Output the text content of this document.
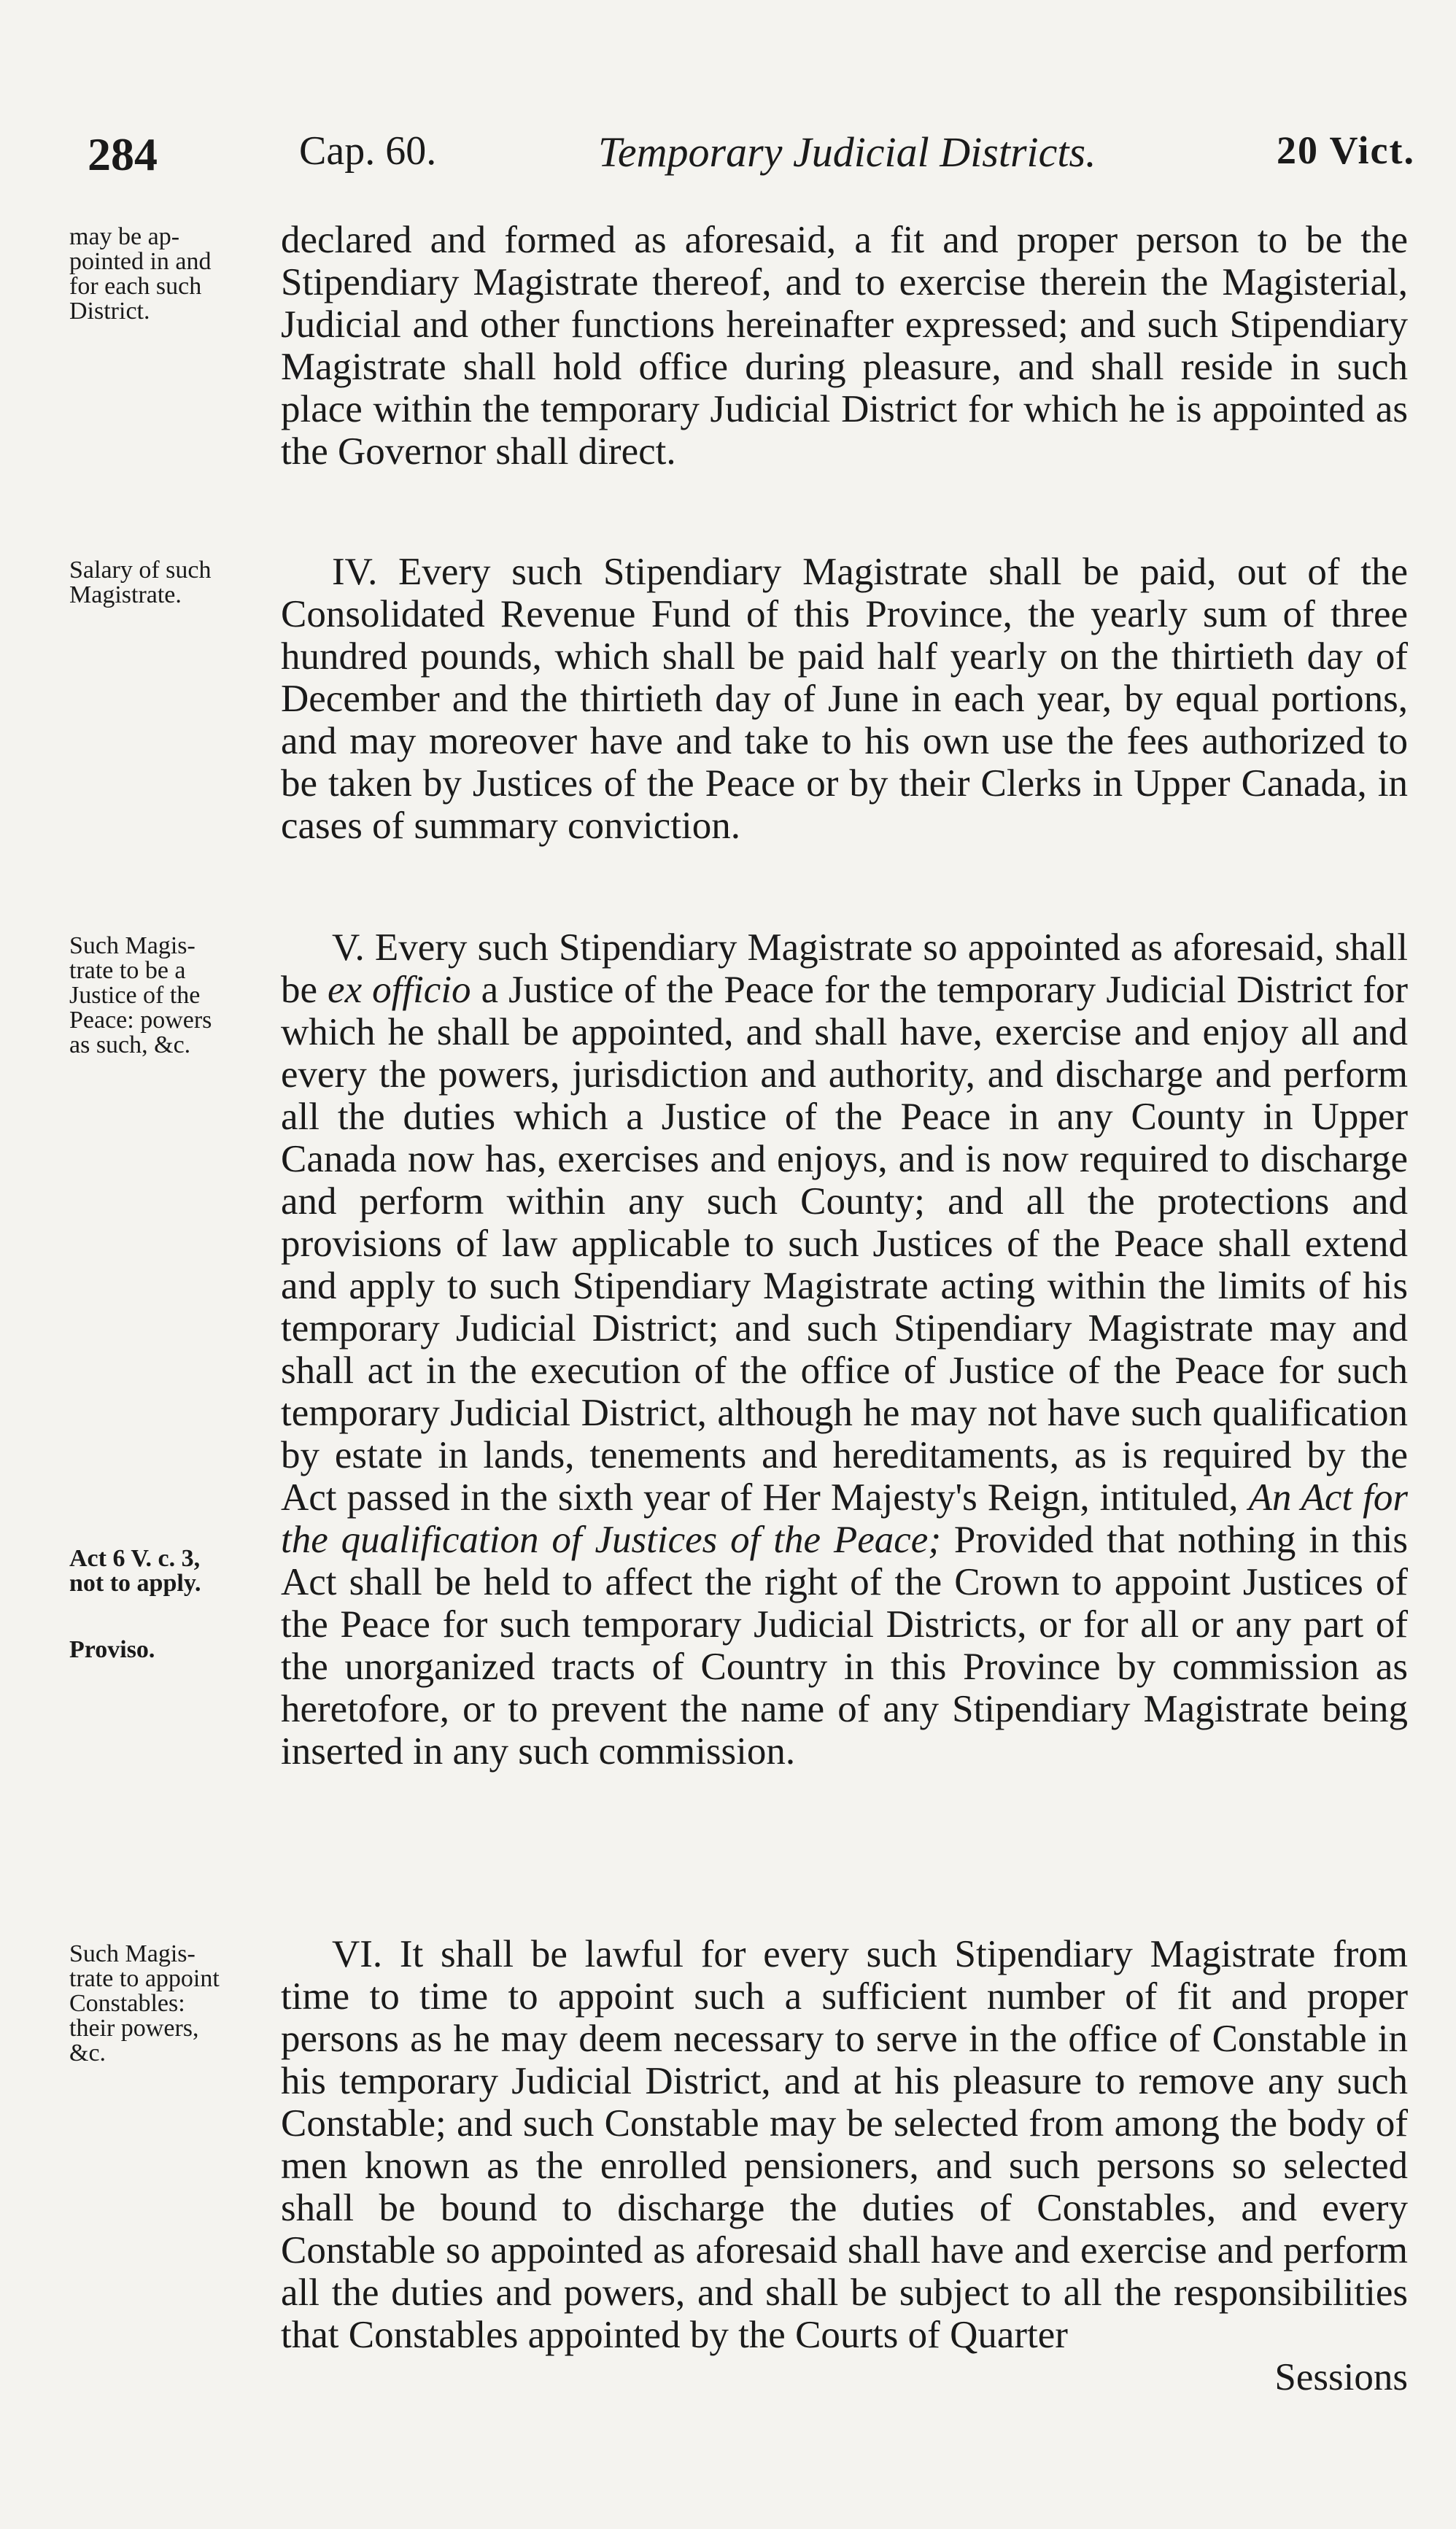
284	Cap. 60.	Temporary Judicial Districts.	20 Vict.
may be ap-
pointed in and
for each such
District.
declared and formed as aforesaid, a fit and proper person to be the Stipendiary Magistrate thereof, and to exercise therein the Magisterial, Judicial and other functions hereinafter expressed; and such Stipendiary Magistrate shall hold office during pleasure, and shall reside in such place within the temporary Judicial District for which he is appointed as the Governor shall direct.
Salary of such
Magistrate.
IV. Every such Stipendiary Magistrate shall be paid, out of the Consolidated Revenue Fund of this Province, the yearly sum of three hundred pounds, which shall be paid half yearly on the thirtieth day of December and the thirtieth day of June in each year, by equal portions, and may moreover have and take to his own use the fees authorized to be taken by Justices of the Peace or by their Clerks in Upper Canada, in cases of summary conviction.
Such Magis-
trate to be a
Justice of the
Peace: powers
as such, &c.
Act 6 V. c. 3,
not to apply.
Proviso.
V. Every such Stipendiary Magistrate so appointed as aforesaid, shall be ex officio a Justice of the Peace for the temporary Judicial District for which he shall be appointed, and shall have, exercise and enjoy all and every the powers, jurisdiction and authority, and discharge and perform all the duties which a Justice of the Peace in any County in Upper Canada now has, exercises and enjoys, and is now required to discharge and perform within any such County; and all the protections and provisions of law applicable to such Justices of the Peace shall extend and apply to such Stipendiary Magistrate acting within the limits of his temporary Judicial District; and such Stipendiary Magistrate may and shall act in the execution of the office of Justice of the Peace for such temporary Judicial District, although he may not have such qualification by estate in lands, tenements and hereditaments, as is required by the Act passed in the sixth year of Her Majesty's Reign, intituled, An Act for the qualification of Justices of the Peace; Provided that nothing in this Act shall be held to affect the right of the Crown to appoint Justices of the Peace for such temporary Judicial Districts, or for all or any part of the unorganized tracts of Country in this Province by commission as heretofore, or to prevent the name of any Stipendiary Magistrate being inserted in any such commission.
Such Magis-
trate to appoint
Constables:
their powers,
&c.
VI. It shall be lawful for every such Stipendiary Magistrate from time to time to appoint such a sufficient number of fit and proper persons as he may deem necessary to serve in the office of Constable in his temporary Judicial District, and at his pleasure to remove any such Constable; and such Constable may be selected from among the body of men known as the enrolled pensioners, and such persons so selected shall be bound to discharge the duties of Constables, and every Constable so appointed as aforesaid shall have and exercise and perform all the duties and powers, and shall be subject to all the responsibilities that Constables appointed by the Courts of Quarter
Sessions
